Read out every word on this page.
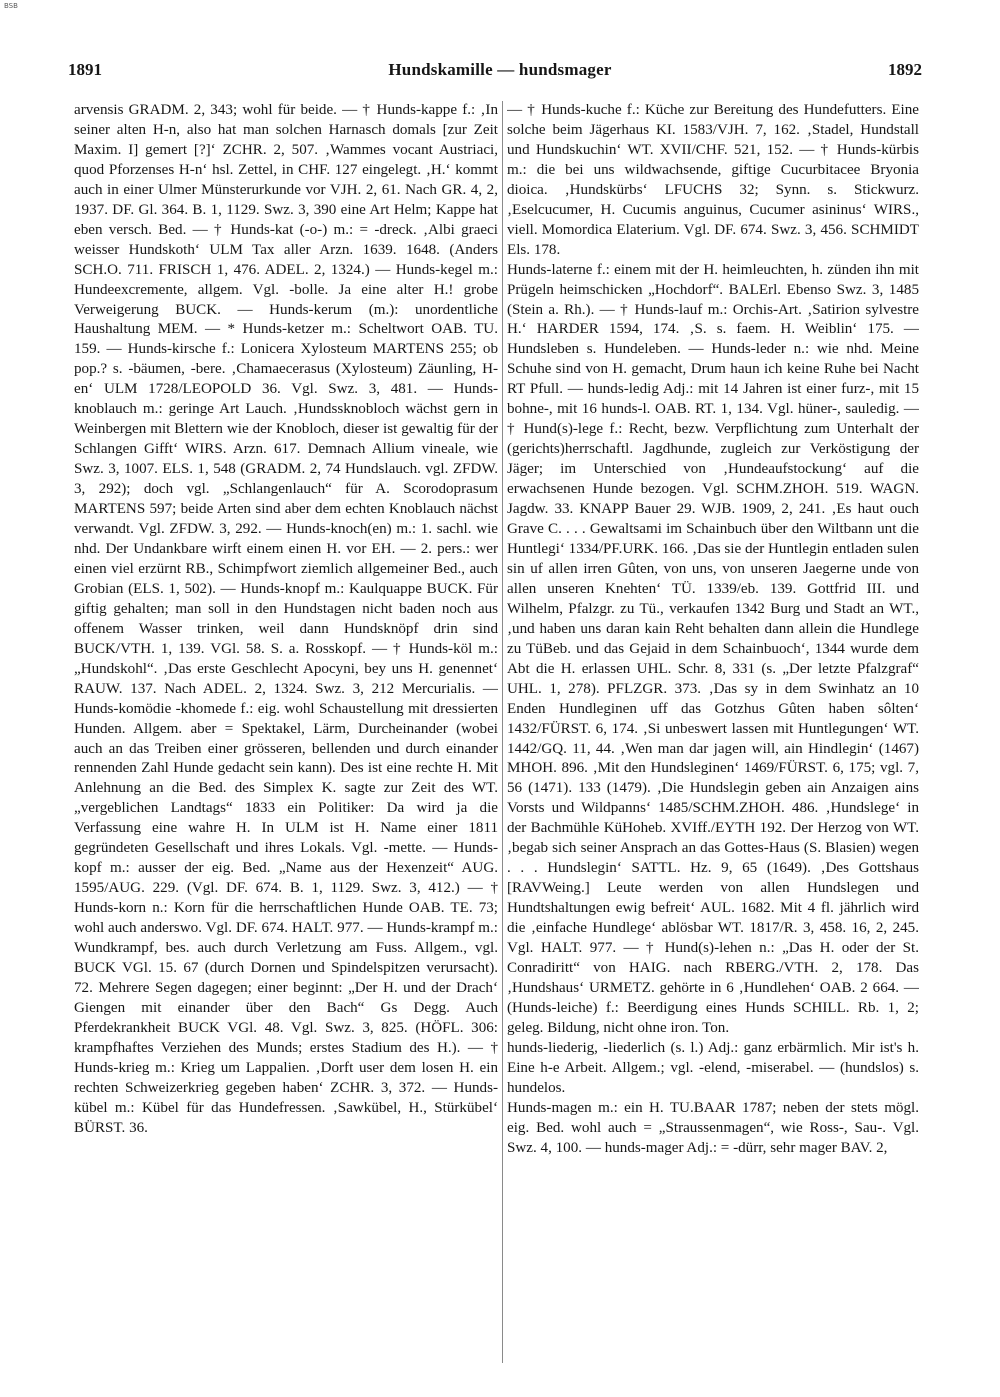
BSB
1891	Hundskamille — hundsmager	1892

arvensis GRADM. 2, 343; wohl für beide. — † Hunds-kappe f.: ‚In seiner alten H-n, also hat man solchen Harnasch domals [zur Zeit Maxim. I] gemert [?]‘ ZCHR. 2, 507. ‚Wammes vocant Austriaci, quod Pforzenses H-n‘ hsl. Zettel, in CHF. 127 eingelegt. ‚H.‘ kommt auch in einer Ulmer Münsterurkunde vor VJH. 2, 61. Nach GR. 4, 2, 1937. DF. Gl. 364. B. 1, 1129. Swz. 3, 390 eine Art Helm; Kappe hat eben versch. Bed. — † Hunds-kat (-o-) m.: = -dreck. ‚Albi graeci weisser Hundskoth‘ ULM Tax aller Arzn. 1639. 1648. (Anders SCH.O. 711. FRISCH 1, 476. ADEL. 2, 1324.) — Hunds-kegel m.: Hundeexcremente, allgem. Vgl. -bolle. Ja eine alter H.! grobe Verweigerung BUCK. — Hunds-kerum (m.): unordentliche Haushaltung MEM. — * Hunds-ketzer m.: Scheltwort OAB. TU. 159. — Hunds-kirsche f.: Lonicera Xylosteum MARTENS 255; ob pop.? s. -bäumen, -bere. ‚Chamaecerasus (Xylosteum) Zäunling, H-en‘ ULM 1728/LEOPOLD 36. Vgl. Swz. 3, 481. — Hunds-knoblauch m.: geringe Art Lauch. ‚Hundssknobloch wächst gern in Weinbergen mit Blettern wie der Knobloch, dieser ist gewaltig für der Schlangen Gifft‘ WIRS. Arzn. 617. Demnach Allium vineale, wie Swz. 3, 1007. ELS. 1, 548 (GRADM. 2, 74 Hundslauch. vgl. ZFDW. 3, 292); doch vgl. „Schlangenlauch“ für A. Scorodoprasum MARTENS 597; beide Arten sind aber dem echten Knoblauch nächst verwandt. Vgl. ZFDW. 3, 292. — Hunds-knoch(en) m.: 1. sachl. wie nhd. Der Undankbare wirft einem einen H. vor EH. — 2. pers.: wer einen viel erzürnt RB., Schimpfwort ziemlich allgemeiner Bed., auch Grobian (ELS. 1, 502). — Hunds-knopf m.: Kaulquappe BUCK. Für giftig gehalten; man soll in den Hundstagen nicht baden noch aus offenem Wasser trinken, weil dann Hundsknöpf drin sind BUCK/VTH. 1, 139. VGl. 58. S. a. Rosskopf. — † Hunds-köl m.: „Hundskohl“. ‚Das erste Geschlecht Apocyni, bey uns H. genennet‘ RAUW. 137. Nach ADEL. 2, 1324. Swz. 3, 212 Mercurialis. — Hunds-komödie -khomede f.: eig. wohl Schaustellung mit dressierten Hunden. Allgem. aber = Spektakel, Lärm, Durcheinander (wobei auch an das Treiben einer grösseren, bellenden und durch einander rennenden Zahl Hunde gedacht sein kann). Des ist eine rechte H. Mit Anlehnung an die Bed. des Simplex K. sagte zur Zeit des WT. „vergeblichen Landtags“ 1833 ein Politiker: Da wird ja die Verfassung eine wahre H. In ULM ist H. Name einer 1811 gegründeten Gesellschaft und ihres Lokals. Vgl. -mette. — Hunds-kopf m.: ausser der eig. Bed. „Name aus der Hexenzeit“ AUG. 1595/AUG. 229. (Vgl. DF. 674. B. 1, 1129. Swz. 3, 412.) — † Hunds-korn n.: Korn für die herrschaftlichen Hunde OAB. TE. 73; wohl auch anderswo. Vgl. DF. 674. HALT. 977. — Hunds-krampf m.: Wundkrampf, bes. auch durch Verletzung am Fuss. Allgem., vgl. BUCK VGl. 15. 67 (durch Dornen und Spindelspitzen verursacht). 72. Mehrere Segen dagegen; einer beginnt: „Der H. und der Drach‘ Giengen mit einander über den Bach“ Gs Degg. Auch Pferdekrankheit BUCK VGl. 48. Vgl. Swz. 3, 825. (HÖFL. 306: krampfhaftes Verziehen des Munds; erstes Stadium des H.). — † Hunds-krieg m.: Krieg um Lappalien. ‚Dorft user dem losen H. ein rechten Schweizerkrieg gegeben haben‘ ZCHR. 3, 372. — Hunds-kübel m.: Kübel für das Hundefressen. ‚Sawkübel, H., Stürkübel‘ BÜRST. 36.

— † Hunds-kuche f.: Küche zur Bereitung des Hundefutters. Eine solche beim Jägerhaus KI. 1583/VJH. 7, 162. ‚Stadel, Hundstall und Hundskuchin‘ WT. XVII/CHF. 521, 152. — † Hunds-kürbis m.: die bei uns wildwachsende, giftige Cucurbitacee Bryonia dioica. ‚Hundskürbs‘ LFUCHS 32; Synn. s. Stickwurz. ‚Eselcucumer, H. Cucumis anguinus, Cucumer asininus‘ WIRS., viell. Momordica Elaterium. Vgl. DF. 674. Swz. 3, 456. SCHMIDT Els. 178.

Hunds-laterne f.: einem mit der H. heimleuchten, h. zünden ihn mit Prügeln heimschicken „Hochdorf“. BALErl. Ebenso Swz. 3, 1485 (Stein a. Rh.). — † Hunds-lauf m.: Orchis-Art. ‚Satirion sylvestre H.‘ HARDER 1594, 174. ‚S. s. faem. H. Weiblin‘ 175. — Hundsleben s. Hundeleben. — Hunds-leder n.: wie nhd. Meine Schuhe sind von H. gemacht, Drum haun ich keine Ruhe bei Nacht RT Pfull. — hunds-ledig Adj.: mit 14 Jahren ist einer furz-, mit 15 bohne-, mit 16 hunds-l. OAB. RT. 1, 134. Vgl. hüner-, sauledig. — † Hund(s)-lege f.: Recht, bezw. Verpflichtung zum Unterhalt der (gerichts)herrschaftl. Jagdhunde, zugleich zur Verköstigung der Jäger; im Unterschied von ‚Hundeaufstockung‘ auf die erwachsenen Hunde bezogen. Vgl. SCHM.ZHOH. 519. WAGN. Jagdw. 33. KNAPP Bauer 29. WJB. 1909, 2, 241. ‚Es haut ouch Grave C. . . . Gewaltsami im Schainbuch über den Wiltbann unt die Huntlegi‘ 1334/PF.URK. 166. ‚Das sie der Huntlegin entladen sulen sin uf allen irren Gûten, von uns, von unseren Jaegerne unde von allen unseren Knehten‘ TÜ. 1339/eb. 139. Gottfrid III. und Wilhelm, Pfalzgr. zu Tü., verkaufen 1342 Burg und Stadt an WT., ‚und haben uns daran kain Reht behalten dann allein die Hundlege zu TüBeb. und das Gejaid in dem Schainbuoch‘, 1344 wurde dem Abt die H. erlassen UHL. Schr. 8, 331 (s. „Der letzte Pfalzgraf“ UHL. 1, 278). PFLZGR. 373. ‚Das sy in dem Swinhatz an 10 Enden Hundleginen uff das Gotzhus Gûten haben sôlten‘ 1432/FÜRST. 6, 174. ‚Si unbeswert lassen mit Huntlegungen‘ WT. 1442/GQ. 11, 44. ‚Wen man dar jagen will, ain Hindlegin‘ (1467) MHOH. 896. ‚Mit den Hundsleginen‘ 1469/FÜRST. 6, 175; vgl. 7, 56 (1471). 133 (1479). ‚Die Hundslegin geben ain Anzaigen ains Vorsts und Wildpanns‘ 1485/SCHM.ZHOH. 486. ‚Hundslege‘ in der Bachmühle KüHoheb. XVIff./EYTH 192. Der Herzog von WT. ‚begab sich seiner Ansprach an das Gottes-Haus (S. Blasien) wegen . . . Hundslegin‘ SATTL. Hz. 9, 65 (1649). ‚Des Gottshaus [RAVWeing.] Leute werden von allen Hundslegen und Hundtshaltungen ewig befreit‘ AUL. 1682. Mit 4 fl. jährlich wird die ‚einfache Hundlege‘ ablösbar WT. 1817/R. 3, 458. 16, 2, 245. Vgl. HALT. 977. — † Hund(s)-lehen n.: „Das H. oder der St. Conradiritt“ von HAIG. nach RBERG./VTH. 2, 178. Das ‚Hundshaus‘ URMETZ. gehörte in 6 ‚Hundlehen‘ OAB. 2 664. — (Hunds-leiche) f.: Beerdigung eines Hunds SCHILL. Rb. 1, 2; geleg. Bildung, nicht ohne iron. Ton.

hunds-liederig, -liederlich (s. l.) Adj.: ganz erbärmlich. Mir ist's h. Eine h-e Arbeit. Allgem.; vgl. -elend, -miserabel. — (hundslos) s. hundelos.

Hunds-magen m.: ein H. TU.BAAR 1787; neben der stets mögl. eig. Bed. wohl auch = „Straussenmagen“, wie Ross-, Sau-. Vgl. Swz. 4, 100. — hunds-mager Adj.: = -dürr, sehr mager BAV. 2,
